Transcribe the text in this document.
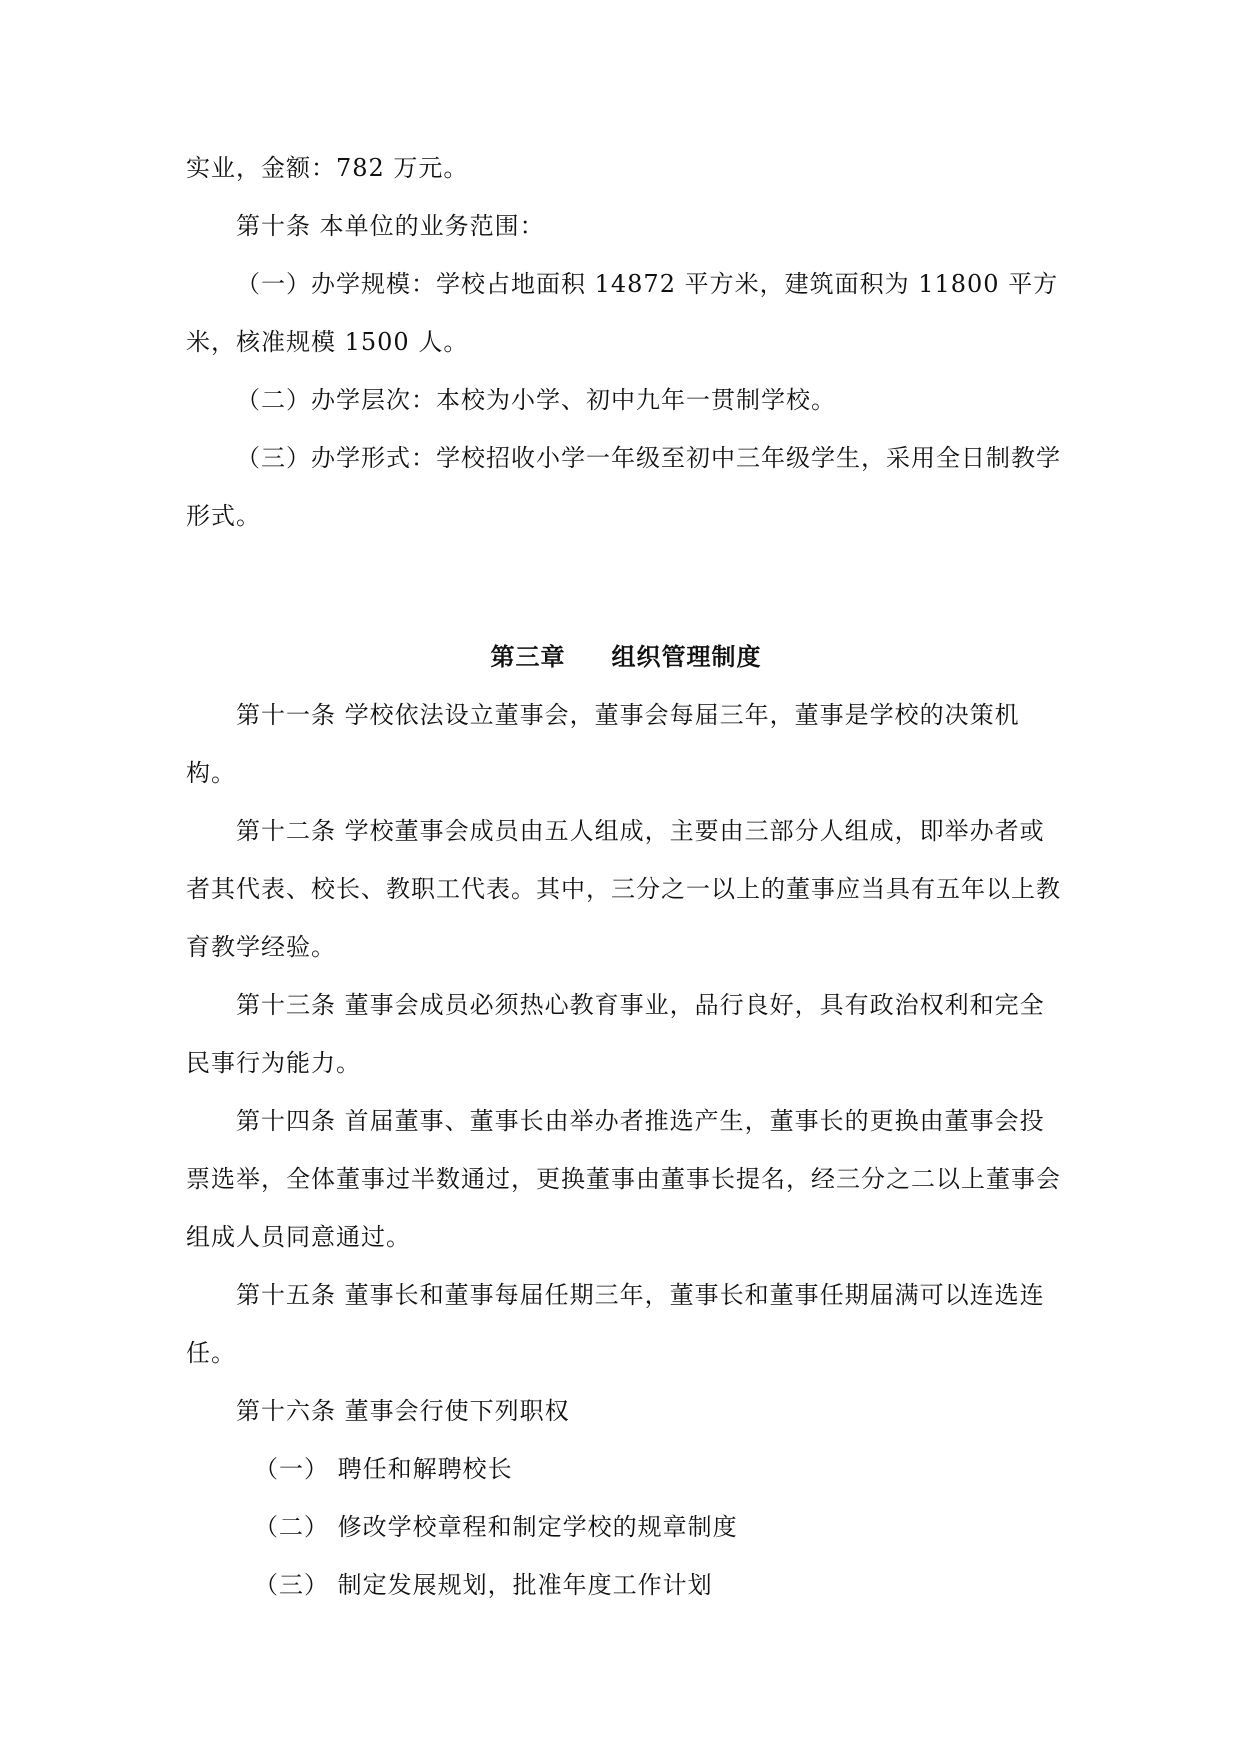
实业，金额：782 万元。

第十条 本单位的业务范围：

（一）办学规模：学校占地面积 14872 平方米，建筑面积为 11800 平方米，核准规模 1500 人。

（二）办学层次：本校为小学、初中九年一贯制学校。

（三）办学形式：学校招收小学一年级至初中三年级学生，采用全日制教学形式。

第三章 组织管理制度

第十一条 学校依法设立董事会，董事会每届三年，董事是学校的决策机构。

第十二条 学校董事会成员由五人组成，主要由三部分人组成，即举办者或者其代表、校长、教职工代表。其中，三分之一以上的董事应当具有五年以上教育教学经验。

第十三条 董事会成员必须热心教育事业，品行良好，具有政治权利和完全民事行为能力。

第十四条 首届董事、董事长由举办者推选产生，董事长的更换由董事会投票选举，全体董事过半数通过，更换董事由董事长提名，经三分之二以上董事会组成人员同意通过。

第十五条 董事长和董事每届任期三年，董事长和董事任期届满可以连选连任。

第十六条 董事会行使下列职权

（一） 聘任和解聘校长

（二） 修改学校章程和制定学校的规章制度

（三） 制定发展规划，批准年度工作计划
